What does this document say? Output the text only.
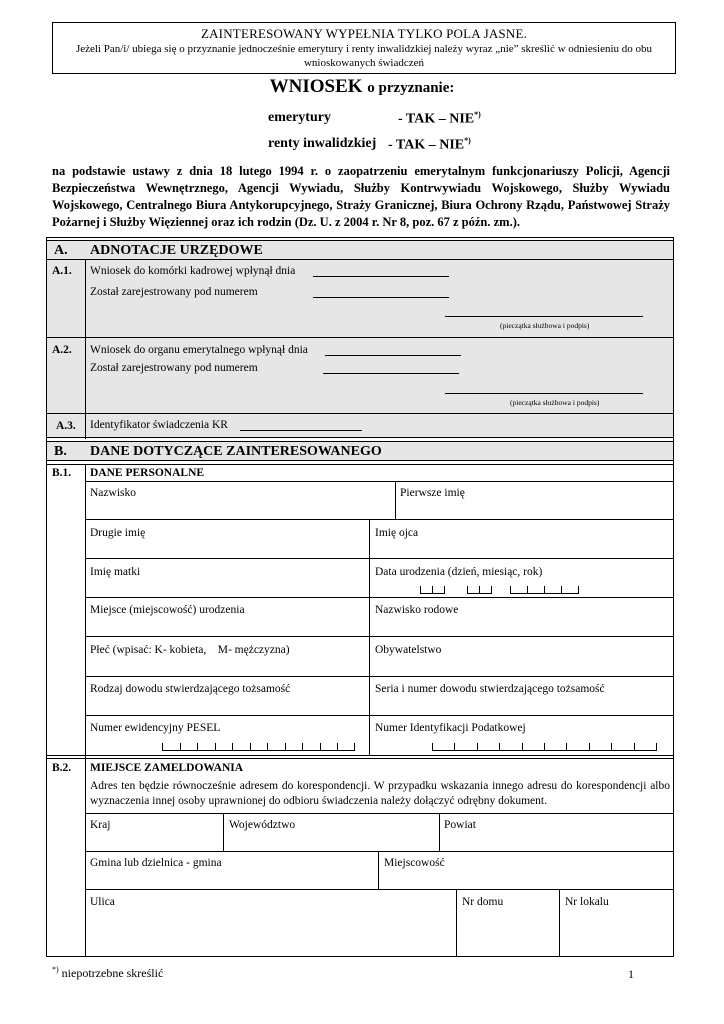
ZAINTERESOWANY WYPEŁNIA TYLKO POLA JASNE.
Jeżeli Pan/i/ ubiega się o przyznanie jednocześnie emerytury i renty inwalidzkiej należy wyraz „nie” skreślić w odniesieniu do obu wnioskowanych świadczeń
WNIOSEK o przyznanie:
emerytury	- TAK – NIE*)
renty inwalidzkiej - TAK – NIE*)
na podstawie ustawy z dnia 18 lutego 1994 r. o zaopatrzeniu emerytalnym funkcjonariuszy Policji, Agencji Bezpieczeństwa Wewnętrznego, Agencji Wywiadu, Służby Kontrwywiadu Wojskowego, Służby Wywiadu Wojskowego, Centralnego Biura Antykorupcyjnego, Straży Granicznej, Biura Ochrony Rządu, Państwowej Straży Pożarnej i Służby Więziennej oraz ich rodzin (Dz. U. z 2004 r. Nr 8, poz. 67 z późn. zm.).
A. ADNOTACJE URZĘDOWE
A.1. Wniosek do komórki kadrowej wpłynął dnia
Został zarejestrowany pod numerem
(pieczątka służbowa i podpis)
A.2. Wniosek do organu emerytalnego wpłynął dnia
Został zarejestrowany pod numerem
(pieczątka służbowa i podpis)
A.3. Identyfikator świadczenia KR
B. DANE DOTYCZĄCE ZAINTERESOWANEGO
B.1. DANE PERSONALNE
Nazwisko	Pierwsze imię
Drugie imię	Imię ojca
Imię matki	Data urodzenia (dzień, miesiąc, rok)
Miejsce (miejscowość) urodzenia	Nazwisko rodowe
Płeć (wpisać: K- kobieta,    M- mężczyzna)	Obywatelstwo
Rodzaj dowodu stwierdzającego tożsamość	Seria i numer dowodu stwierdzającego tożsamość
Numer ewidencyjny PESEL	Numer Identyfikacji Podatkowej
B.2. MIEJSCE ZAMELDOWANIA
Adres ten będzie równocześnie adresem do korespondencji. W przypadku wskazania innego adresu do korespondencji albo wyznaczenia innej osoby uprawnionej do odbioru świadczenia należy dołączyć odrębny dokument.
Kraj	Województwo	Powiat
Gmina lub dzielnica - gmina	Miejscowość
Ulica	Nr domu	Nr lokalu
*) niepotrzebne skreślić	1
